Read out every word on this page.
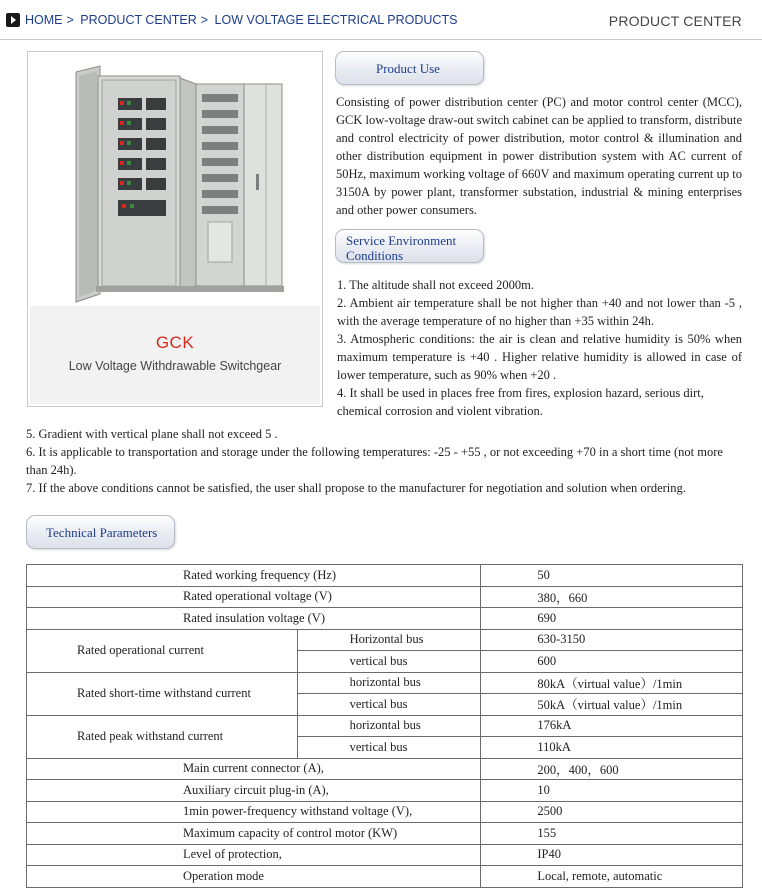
HOME > PRODUCT CENTER > LOW VOLTAGE ELECTRICAL PRODUCTS	PRODUCT CENTER
GCK
Low Voltage Withdrawable Switchgear
Product Use
Consisting of power distribution center (PC) and motor control center (MCC), GCK low-voltage draw-out switch cabinet can be applied to transform, distribute and control electricity of power distribution, motor control & illumination and other distribution equipment in power distribution system with AC current of 50Hz, maximum working voltage of 660V and maximum operating current up to 3150A by power plant, transformer substation, industrial & mining enterprises and other power consumers.
Service Environment
Conditions
1. The altitude shall not exceed 2000m.
2. Ambient air temperature shall be not higher than +40 and not lower than -5 , with the average temperature of no higher than +35 within 24h.
3. Atmospheric conditions: the air is clean and relative humidity is 50% when maximum temperature is +40 . Higher relative humidity is allowed in case of lower temperature, such as 90% when +20 .
4. It shall be used in places free from fires, explosion hazard, serious dirt, chemical corrosion and violent vibration.
5. Gradient with vertical plane shall not exceed 5 .
6. It is applicable to transportation and storage under the following temperatures: -25 - +55 , or not exceeding +70 in a short time (not more than 24h).
7. If the above conditions cannot be satisfied, the user shall propose to the manufacturer for negotiation and solution when ordering.
Technical Parameters
Rated working frequency (Hz)		50
Rated operational voltage (V)		380，660
Rated insulation voltage (V)		690
Rated operational current	Horizontal bus	630-3150
	vertical bus	600
Rated short-time withstand current	horizontal bus	80kA（virtual value）/1min
	vertical bus	50kA（virtual value）/1min
Rated peak withstand current	horizontal bus	176kA
	vertical bus	110kA
Main current connector (A),		200，400，600
Auxiliary circuit plug-in (A),		10
1min power-frequency withstand voltage (V),		2500
Maximum capacity of control motor (KW)		155
Level of protection,		IP40
Operation mode		Local, remote, automatic
